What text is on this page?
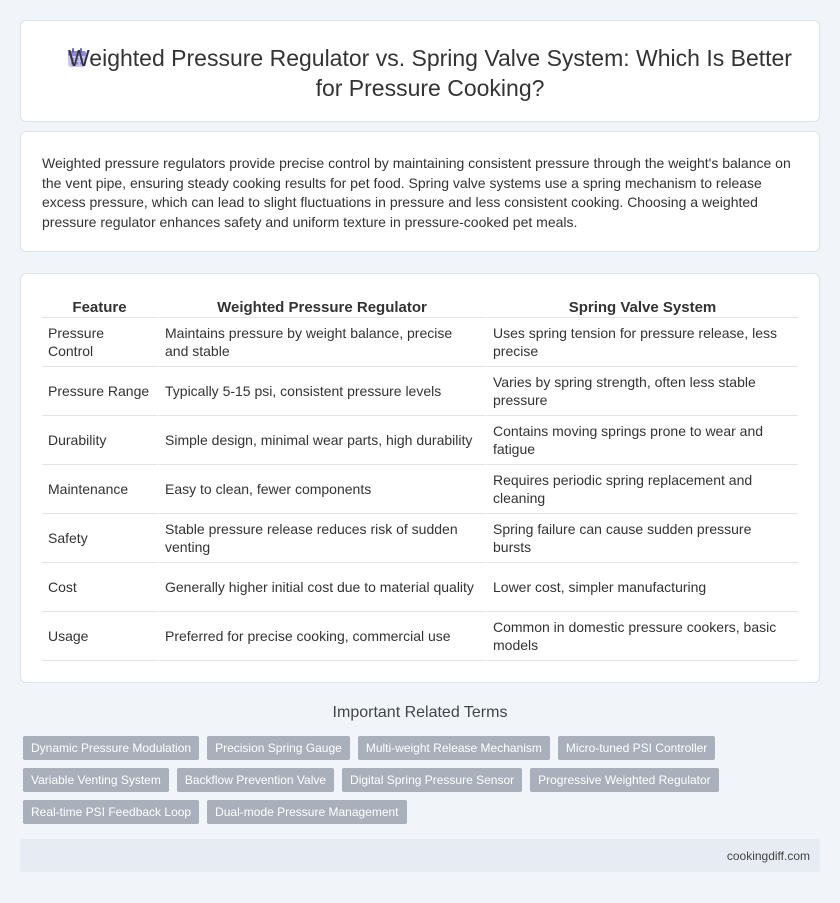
Weighted Pressure Regulator vs. Spring Valve System: Which Is Better for Pressure Cooking?

Weighted pressure regulators provide precise control by maintaining consistent pressure through the weight's balance on the vent pipe, ensuring steady cooking results for pet food. Spring valve systems use a spring mechanism to release excess pressure, which can lead to slight fluctuations in pressure and less consistent cooking. Choosing a weighted pressure regulator enhances safety and uniform texture in pressure-cooked pet meals.

Feature	Weighted Pressure Regulator	Spring Valve System
Pressure Control	Maintains pressure by weight balance, precise and stable	Uses spring tension for pressure release, less precise
Pressure Range	Typically 5-15 psi, consistent pressure levels	Varies by spring strength, often less stable pressure
Durability	Simple design, minimal wear parts, high durability	Contains moving springs prone to wear and fatigue
Maintenance	Easy to clean, fewer components	Requires periodic spring replacement and cleaning
Safety	Stable pressure release reduces risk of sudden venting	Spring failure can cause sudden pressure bursts
Cost	Generally higher initial cost due to material quality	Lower cost, simpler manufacturing
Usage	Preferred for precise cooking, commercial use	Common in domestic pressure cookers, basic models
Important Related Terms
Dynamic Pressure Modulation	Precision Spring Gauge	Multi-weight Release Mechanism	Micro-tuned PSI Controller
Variable Venting System	Backflow Prevention Valve	Digital Spring Pressure Sensor	Progressive Weighted Regulator
Real-time PSI Feedback Loop	Dual-mode Pressure Management
cookingdiff.com
